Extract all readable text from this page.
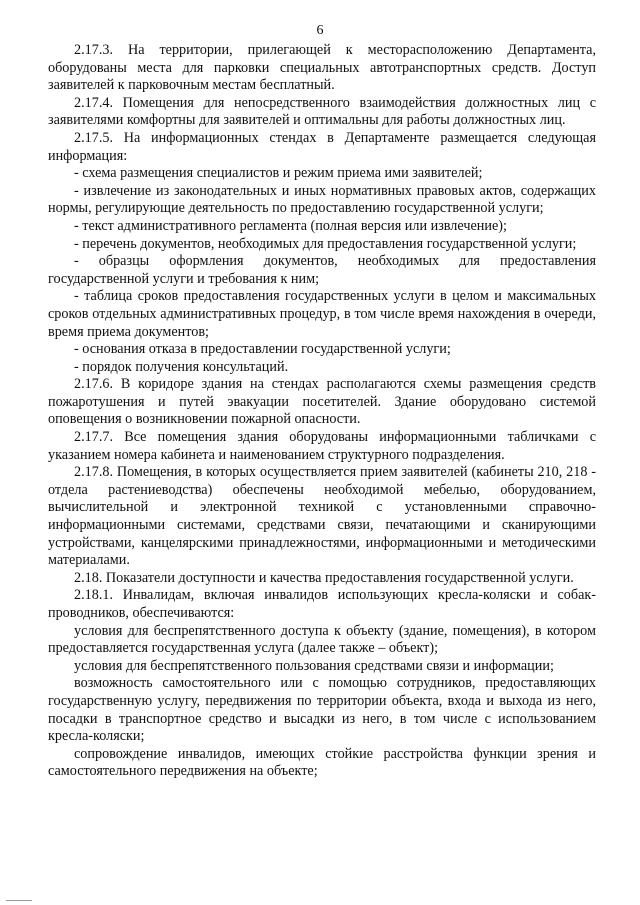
6

2.17.3. На территории, прилегающей к месторасположению Департамента, оборудованы места для парковки специальных автотранспортных средств. Доступ заявителей к парковочным местам бесплатный.

2.17.4. Помещения для непосредственного взаимодействия должностных лиц с заявителями комфортны для заявителей и оптимальны для работы должностных лиц.

2.17.5. На информационных стендах в Департаменте размещается следующая информация:

- схема размещения специалистов и режим приема ими заявителей;

- извлечение из законодательных и иных нормативных правовых актов, содержащих нормы, регулирующие деятельность по предоставлению государственной услуги;

- текст административного регламента (полная версия или извлечение);

- перечень документов, необходимых для предоставления государственной услуги;

- образцы оформления документов, необходимых для предоставления государственной услуги и требования к ним;

- таблица сроков предоставления государственных услуги в целом и максимальных сроков отдельных административных процедур, в том числе время нахождения в очереди, время приема документов;

- основания отказа в предоставлении государственной услуги;

- порядок получения консультаций.

2.17.6. В коридоре здания на стендах располагаются схемы размещения средств пожаротушения и путей эвакуации посетителей. Здание оборудовано системой оповещения о возникновении пожарной опасности.

2.17.7. Все помещения здания оборудованы информационными табличками с указанием номера кабинета и наименованием структурного подразделения.

2.17.8. Помещения, в которых осуществляется прием заявителей (кабинеты 210, 218 - отдела растениеводства) обеспечены необходимой мебелью, оборудованием, вычислительной и электронной техникой с установленными справочно-информационными системами, средствами связи, печатающими и сканирующими устройствами, канцелярскими принадлежностями, информационными и методическими материалами.

2.18. Показатели доступности и качества предоставления государственной услуги.

2.18.1. Инвалидам, включая инвалидов использующих кресла-коляски и собак-проводников, обеспечиваются:

условия для беспрепятственного доступа к объекту (здание, помещения), в котором предоставляется государственная услуга (далее также – объект);

условия для беспрепятственного пользования средствами связи и информации;

возможность самостоятельного или с помощью сотрудников, предоставляющих государственную услугу, передвижения по территории объекта, входа и выхода из него, посадки в транспортное средство и высадки из него, в том числе с использованием кресла-коляски;

сопровождение инвалидов, имеющих стойкие расстройства функции зрения и самостоятельного передвижения на объекте;
